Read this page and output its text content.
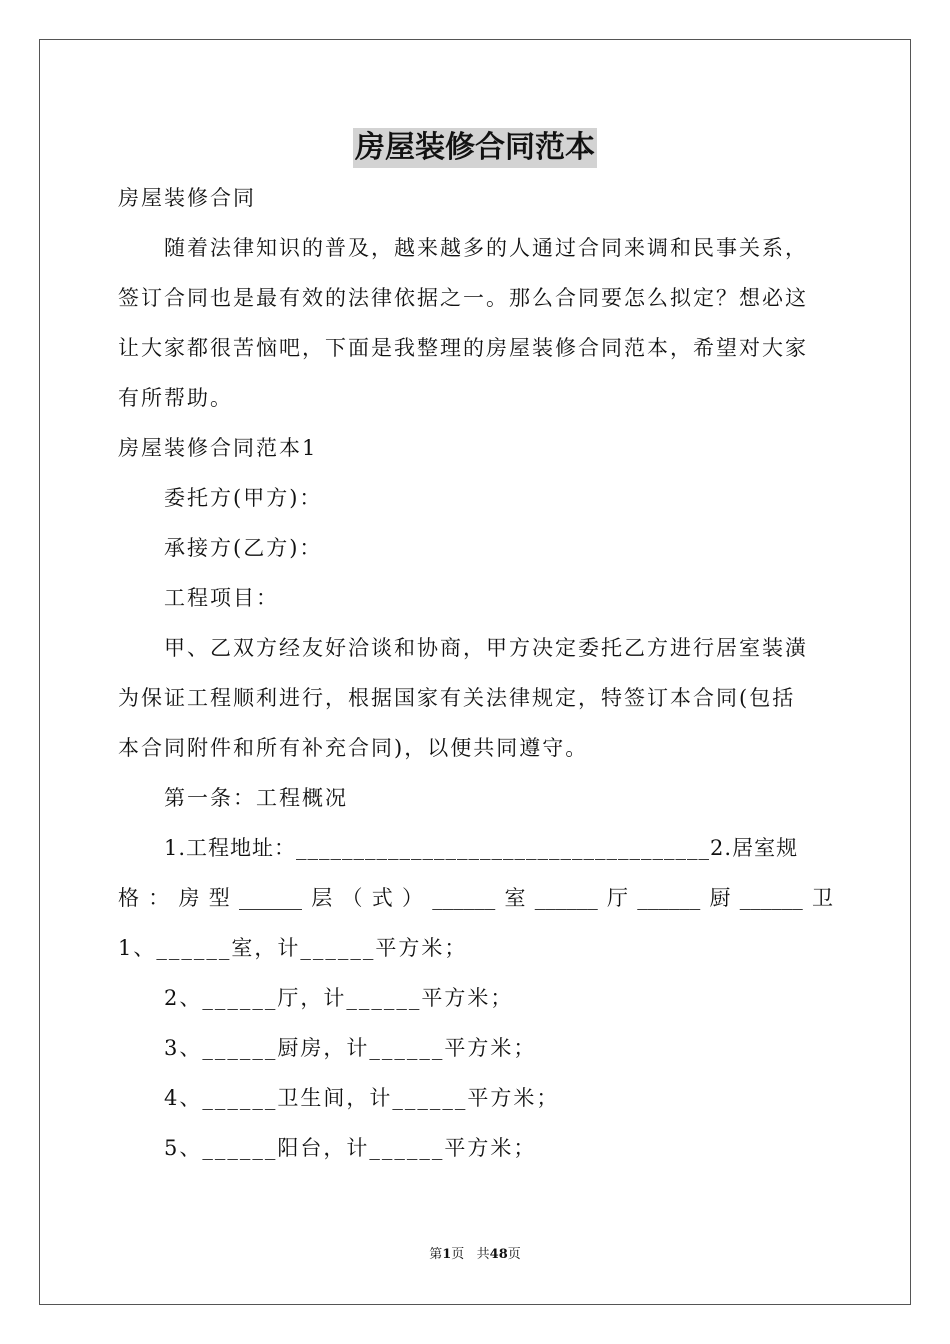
房屋装修合同范本
房屋装修合同
随着法律知识的普及，越来越多的人通过合同来调和民事关系，
签订合同也是最有效的法律依据之一。那么合同要怎么拟定？想必这
让大家都很苦恼吧，下面是我整理的房屋装修合同范本，希望对大家
有所帮助。
房屋装修合同范本1
委托方(甲方)：
承接方(乙方)：
工程项目：
甲、乙双方经友好洽谈和协商，甲方决定委托乙方进行居室装潢
为保证工程顺利进行，根据国家有关法律规定，特签订本合同(包括
本合同附件和所有补充合同)，以便共同遵守。
第一条：工程概况
1.工程地址：____________________________________2.居室规
格 ： 房 型 ______ 层 （ 式 ） ______ 室 ______ 厅 ______ 厨 ______ 卫
1、______室，计______平方米；
2、______厅，计______平方米；
3、______厨房，计______平方米；
4、______卫生间，计______平方米；
5、______阳台，计______平方米；
第1页   共48页
